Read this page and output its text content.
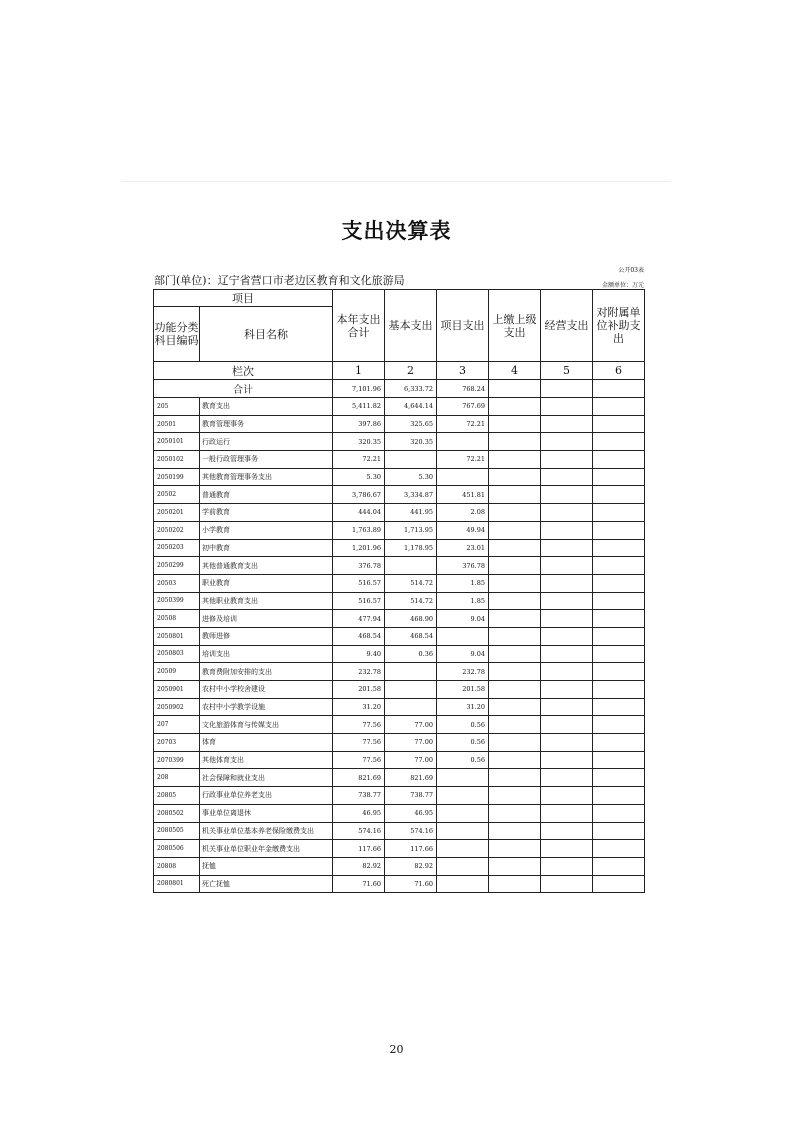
支出决算表
部门(单位)：辽宁省营口市老边区教育和文化旅游局
公开03表
金额单位：万元
项目		本年支出合计	基本支出	项目支出	上缴上级支出	经营支出	对附属单位补助支出
功能分类科目编码	科目名称						
栏次		1	2	3	4	5	6
合计		7,101.96	6,333.72	768.24			
205	教育支出	5,411.82	4,644.14	767.69			
20501	教育管理事务	397.86	325.65	72.21			
2050101	行政运行	320.35	320.35				
2050102	一般行政管理事务	72.21		72.21			
2050199	其他教育管理事务支出	5.30	5.30				
20502	普通教育	3,786.67	3,334.87	451.81			
2050201	学前教育	444.04	441.95	2.08			
2050202	小学教育	1,763.89	1,713.95	49.94			
2050203	初中教育	1,201.96	1,178.95	23.01			
2050299	其他普通教育支出	376.78		376.78			
20503	职业教育	516.57	514.72	1.85			
2050399	其他职业教育支出	516.57	514.72	1.85			
20508	进修及培训	477.94	468.90	9.04			
2050801	教师进修	468.54	468.54				
2050803	培训支出	9.40	0.36	9.04			
20509	教育费附加安排的支出	232.78		232.78			
2050901	农村中小学校舍建设	201.58		201.58			
2050902	农村中小学教学设施	31.20		31.20			
207	文化旅游体育与传媒支出	77.56	77.00	0.56			
20703	体育	77.56	77.00	0.56			
2070399	其他体育支出	77.56	77.00	0.56			
208	社会保障和就业支出	821.69	821.69				
20805	行政事业单位养老支出	738.77	738.77				
2080502	事业单位离退休	46.95	46.95				
2080505	机关事业单位基本养老保险缴费支出	574.16	574.16				
2080506	机关事业单位职业年金缴费支出	117.66	117.66				
20808	抚恤	82.92	82.92				
2080801	死亡抚恤	71.60	71.60				
20
